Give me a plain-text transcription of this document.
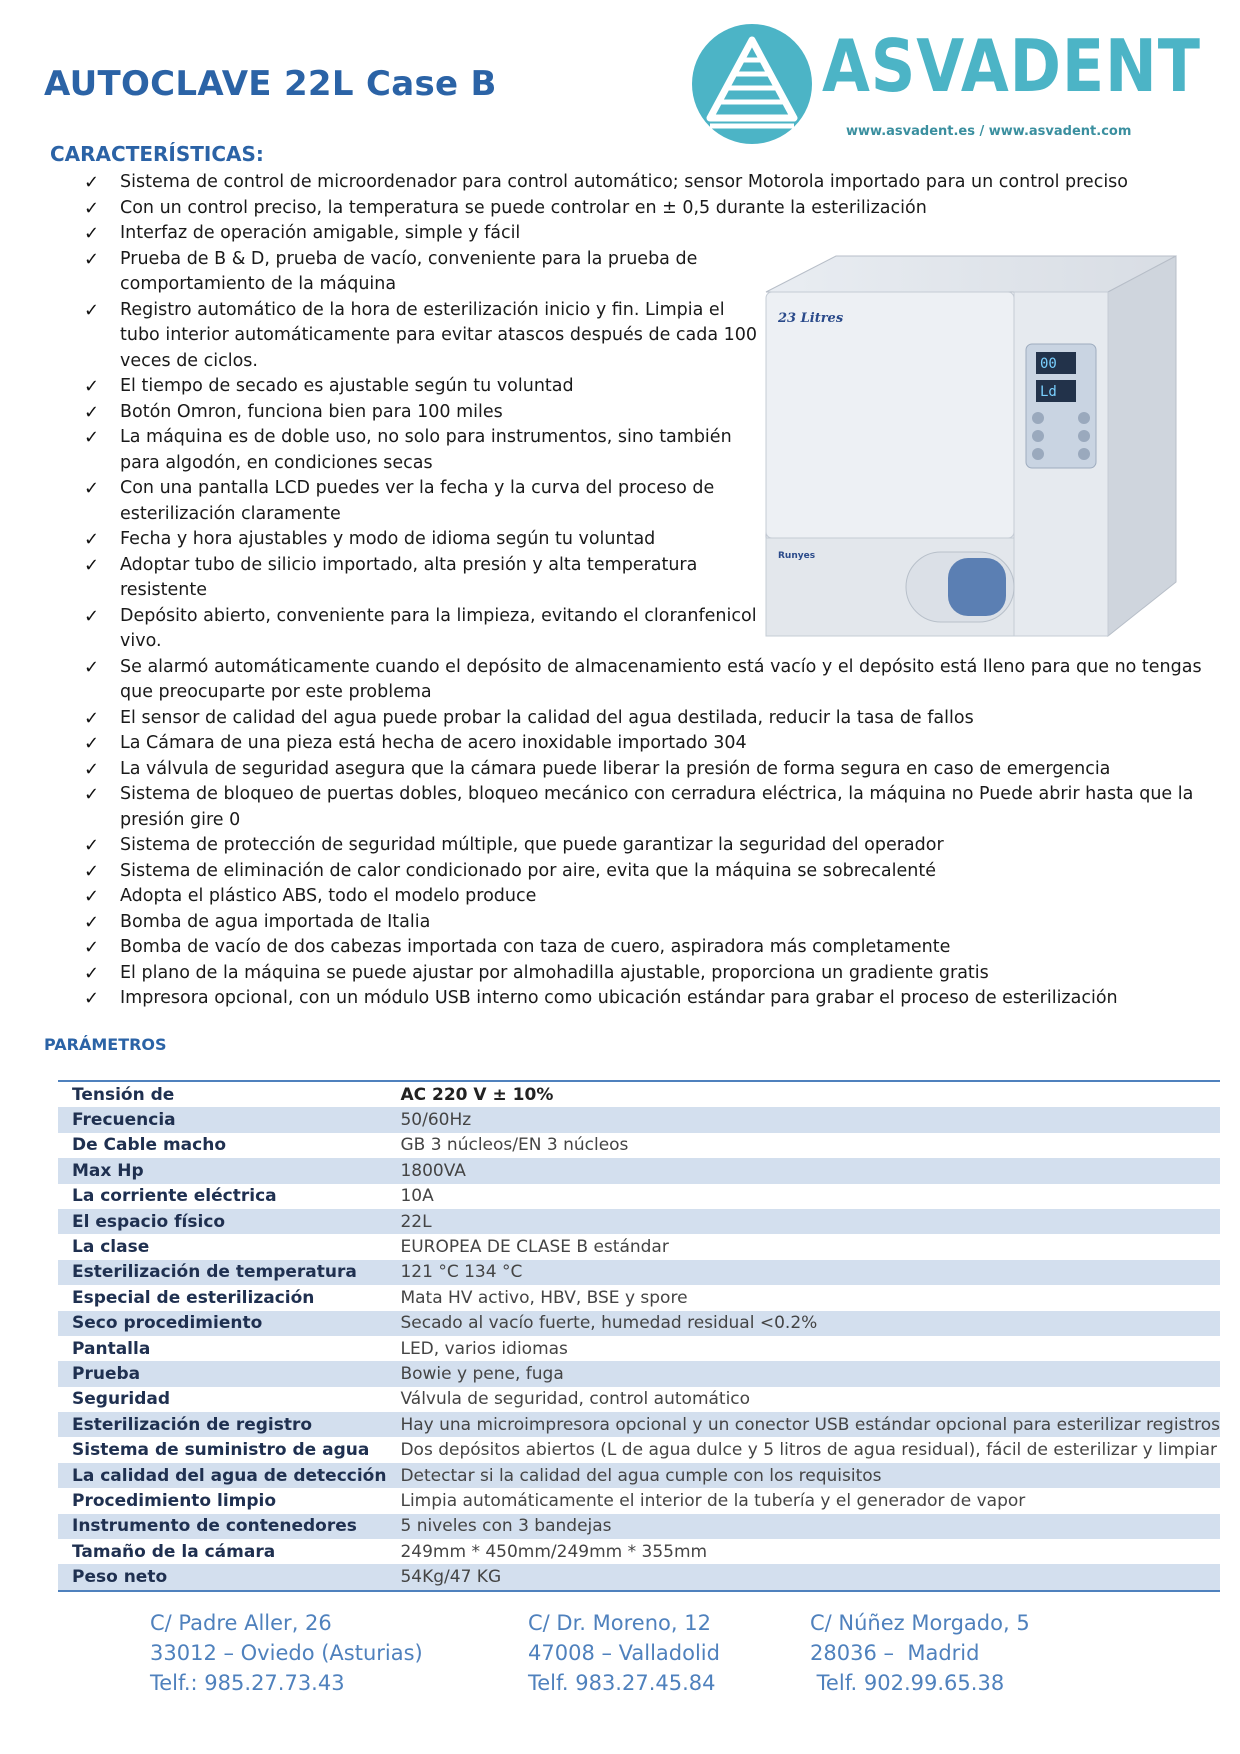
AUTOCLAVE 22L Case B	ASVADENT
www.asvadent.es / www.asvadent.com
CARACTERÍSTICAS:
✓ Sistema de control de microordenador para control automático; sensor Motorola importado para un control preciso
✓ Con un control preciso, la temperatura se puede controlar en ± 0,5 durante la esterilización
✓ Interfaz de operación amigable, simple y fácil
✓ Prueba de B & D, prueba de vacío, conveniente para la prueba de comportamiento de la máquina
✓ Registro automático de la hora de esterilización inicio y fin. Limpia el tubo interior automáticamente para evitar atascos después de cada 100 veces de ciclos.
✓ El tiempo de secado es ajustable según tu voluntad
✓ Botón Omron, funciona bien para 100 miles
✓ La máquina es de doble uso, no solo para instrumentos, sino también para algodón, en condiciones secas
✓ Con una pantalla LCD puedes ver la fecha y la curva del proceso de esterilización claramente
✓ Fecha y hora ajustables y modo de idioma según tu voluntad
✓ Adoptar tubo de silicio importado, alta presión y alta temperatura resistente
✓ Depósito abierto, conveniente para la limpieza, evitando el cloranfenicol vivo.
✓ Se alarmó automáticamente cuando el depósito de almacenamiento está vacío y el depósito está lleno para que no tengas que preocuparte por este problema
✓ El sensor de calidad del agua puede probar la calidad del agua destilada, reducir la tasa de fallos
✓ La Cámara de una pieza está hecha de acero inoxidable importado 304
✓ La válvula de seguridad asegura que la cámara puede liberar la presión de forma segura en caso de emergencia
✓ Sistema de bloqueo de puertas dobles, bloqueo mecánico con cerradura eléctrica, la máquina no Puede abrir hasta que la presión gire 0
✓ Sistema de protección de seguridad múltiple, que puede garantizar la seguridad del operador
✓ Sistema de eliminación de calor condicionado por aire, evita que la máquina se sobrecalenté
✓ Adopta el plástico ABS, todo el modelo produce
✓ Bomba de agua importada de Italia
✓ Bomba de vacío de dos cabezas importada con taza de cuero, aspiradora más completamente
✓ El plano de la máquina se puede ajustar por almohadilla ajustable, proporciona un gradiente gratis
✓ Impresora opcional, con un módulo USB interno como ubicación estándar para grabar el proceso de esterilización
00
Ld
23 Litres
Runyes
PARÁMETROS
Tensión de	AC 220 V ± 10%
Frecuencia	50/60Hz
De Cable macho	GB 3 núcleos/EN 3 núcleos
Max Hp	1800VA
La corriente eléctrica	10A
El espacio físico	22L
La clase	EUROPEA DE CLASE B estándar
Esterilización de temperatura	121 °C 134 °C
Especial de esterilización	Mata HV activo, HBV, BSE y spore
Seco procedimiento	Secado al vacío fuerte, humedad residual <0.2%
Pantalla	LED, varios idiomas
Prueba	Bowie y pene, fuga
Seguridad	Válvula de seguridad, control automático
Esterilización de registro	Hay una microimpresora opcional y un conector USB estándar opcional para esterilizar registros
Sistema de suministro de agua	Dos depósitos abiertos (L de agua dulce y 5 litros de agua residual), fácil de esterilizar y limpiar
La calidad del agua de detección	Detectar si la calidad del agua cumple con los requisitos
Procedimiento limpio	Limpia automáticamente el interior de la tubería y el generador de vapor
Instrumento de contenedores	5 niveles con 3 bandejas
Tamaño de la cámara	249mm * 450mm/249mm * 355mm
Peso neto	54Kg/47 KG
C/ Padre Aller, 26
33012 – Oviedo (Asturias)
Telf.: 985.27.73.43
C/ Dr. Moreno, 12
47008 – Valladolid
Telf. 983.27.45.84
C/ Núñez Morgado, 5
28036 –  Madrid
Telf. 902.99.65.38
